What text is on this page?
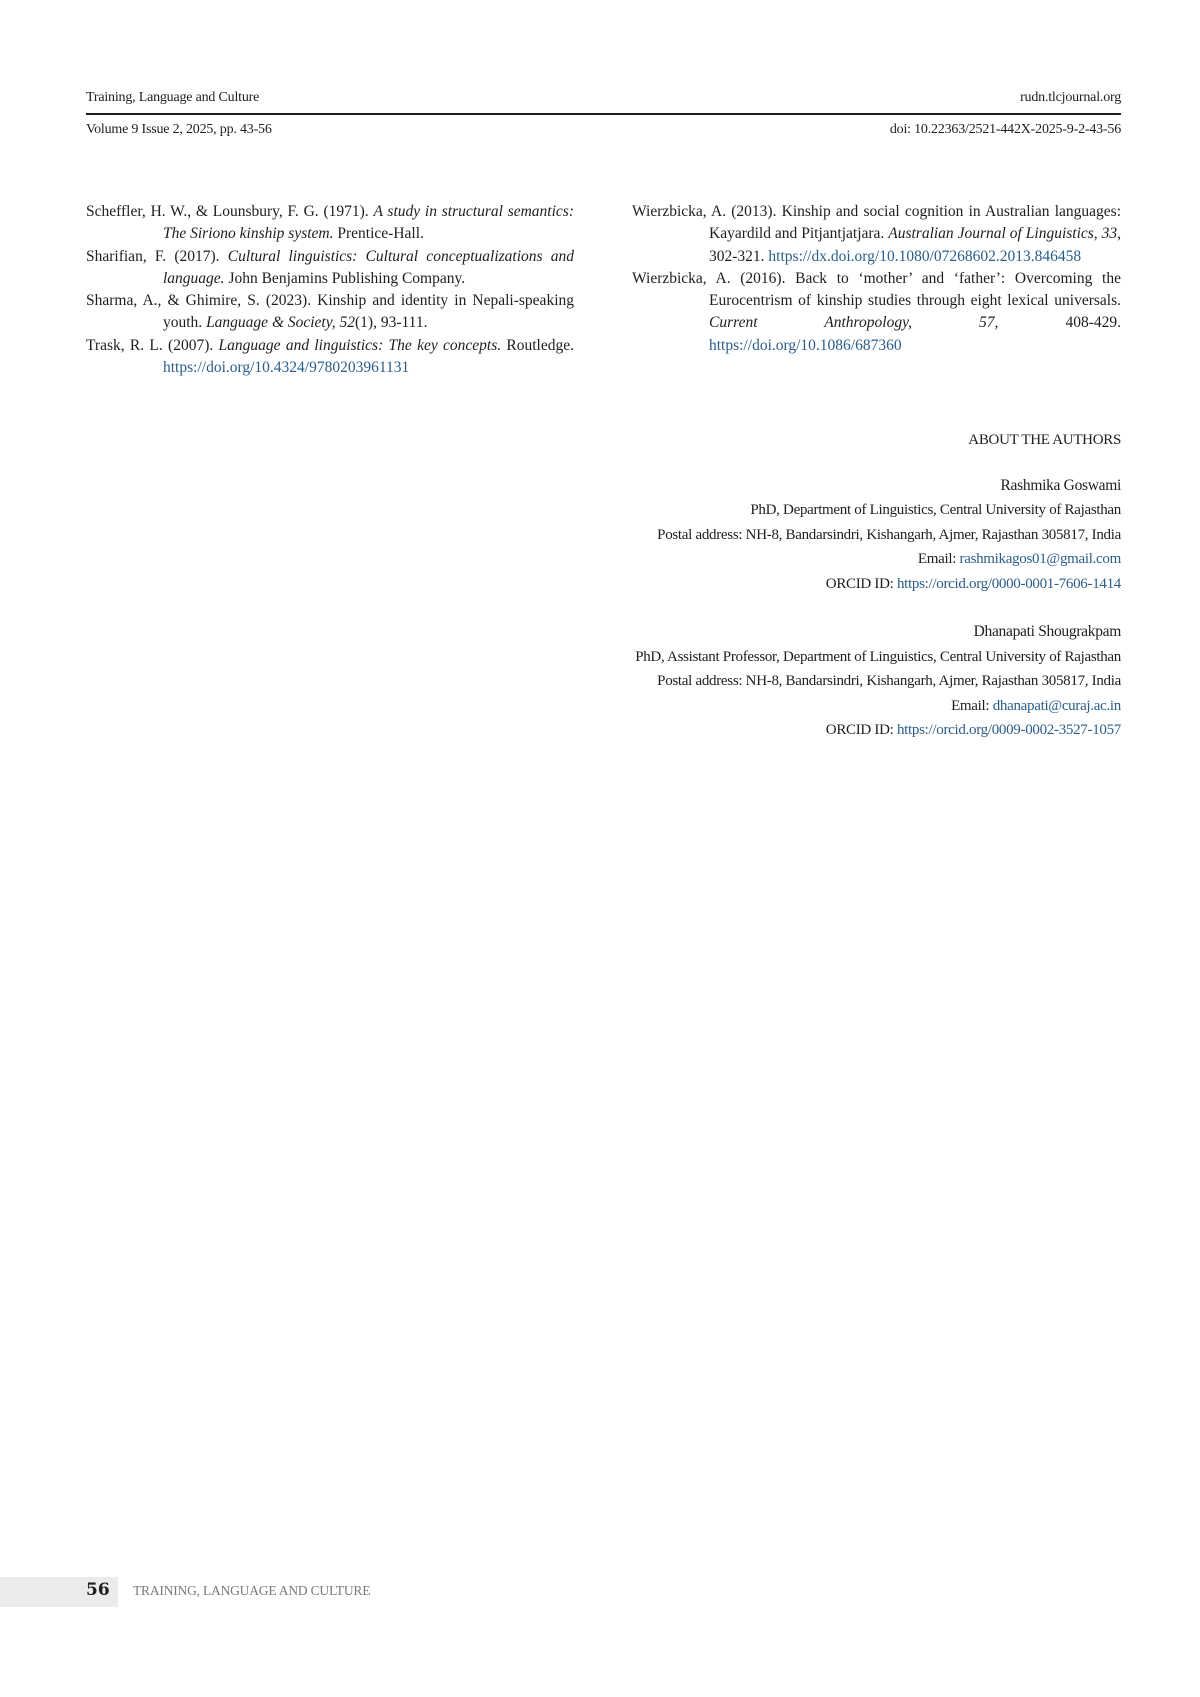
Training, Language and Culture	rudn.tlcjournal.org
Volume 9 Issue 2, 2025, pp. 43-56	doi: 10.22363/2521-442X-2025-9-2-43-56

Scheffler, H. W., & Lounsbury, F. G. (1971). A study in structural semantics: The Siriono kinship system. Prentice-Hall.

Sharifian, F. (2017). Cultural linguistics: Cultural conceptualizations and language. John Benjamins Publishing Company.

Sharma, A., & Ghimire, S. (2023). Kinship and identity in Nepali-speaking youth. Language & Society, 52(1), 93-111.

Trask, R. L. (2007). Language and linguistics: The key concepts. Routledge. https://doi.org/10.4324/9780203961131

Wierzbicka, A. (2013). Kinship and social cognition in Australian languages: Kayardild and Pitjantjatjara. Australian Journal of Linguistics, 33, 302-321. https://dx.doi.org/10.1080/07268602.2013.846458

Wierzbicka, A. (2016). Back to ‘mother’ and ‘father’: Overcoming the Eurocentrism of kinship studies through eight lexical universals. Current Anthropology, 57, 408-429. https://doi.org/10.1086/687360

ABOUT THE AUTHORS
Rashmika Goswami
PhD, Department of Linguistics, Central University of Rajasthan
Postal address: NH-8, Bandarsindri, Kishangarh, Ajmer, Rajasthan 305817, India
Email: rashmikagos01@gmail.com
ORCID ID: https://orcid.org/0000-0001-7606-1414
Dhanapati Shougrakpam
PhD, Assistant Professor, Department of Linguistics, Central University of Rajasthan
Postal address: NH-8, Bandarsindri, Kishangarh, Ajmer, Rajasthan 305817, India
Email: dhanapati@curaj.ac.in
ORCID ID: https://orcid.org/0009-0002-3527-1057
56 TRAINING, LANGUAGE AND CULTURE
